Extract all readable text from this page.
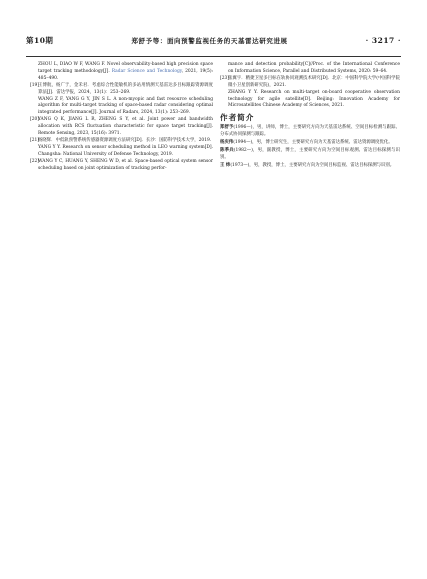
第10期	郑舒予等：面向预警监视任务的天基雷达研究进展	· 3217 ·

ZHOU L, DIAO W F, WANG F. Novel observability-based high precision space target tracking methodology[J]. Radar Science and Technology, 2021, 19(5): 485–490.

[19]

王博航，杨广于，金禾君．考虑综合性能敏机的多站用情测天基雷达多目标跟踪资源调度算法[J]．雷达学报，2024，13(1)：253–269.

WANG Z F, YANG G Y, JIN S L. A non-myopic and fast resource scheduling algorithm for multi-target tracking of space-based radar considering optimal integrated performance[J]. Journal of Radars, 2024, 13(1): 253–269.

[20]

YANG Q K, JIANG L R, ZHENG S Y, et al. Joint power and bandwidth allocation with RCS fluctuation characteristic for space target tracking[J]. Remote Sensing, 2023, 15(16): 3971.

[21]

杨晓辉．中低轨预警系统传感器资源调度方法研究[D]．长沙：国防科学技术大学，2019.

YANG Y Y. Research on sensor scheduling method in LEO warning system[D]. Changsha: National University of Defense Technology, 2019.

[22]

WANG Y C, HUANG Y, SHENG W D, et al. Space-based optical system sensor scheduling based on joint optimization of tracking perfor-

mance and detection probability[C]//Proc. of the International Conference on Information Science, Parallel and Distributed Systems, 2020: 59–64.

[23]

张翼宇．精捷卫星多目标在轨协同观测技术研究[D]．北京：中国科学院大学(中国科学院微小卫星创新研究院)，2021.

ZHANG Y Y. Research on multi-target on-board cooperative observation technology for agile satellite[D]. Beijing: Innovation Academy for Microsatellites Chinese Academy of Sciences, 2021.

作者简介
郑舒予(1996—)，男，讲师，博士，主要研究方向为天基雷达系统、空间目标检测与跟踪、分布式协同探测与跟踪。
杨庆伟(1994—)，男，博士研究生，主要研究方向为天基雷达系统、雷达资源调度优化。
陈季兵(1982—)，男，副教授，博士，主要研究方向为空间目标观测、雷达目标探测与识别。
王 炜(1973—)，男，教授，博士，主要研究方向为空间目标监视、雷达目标探测与识别。
